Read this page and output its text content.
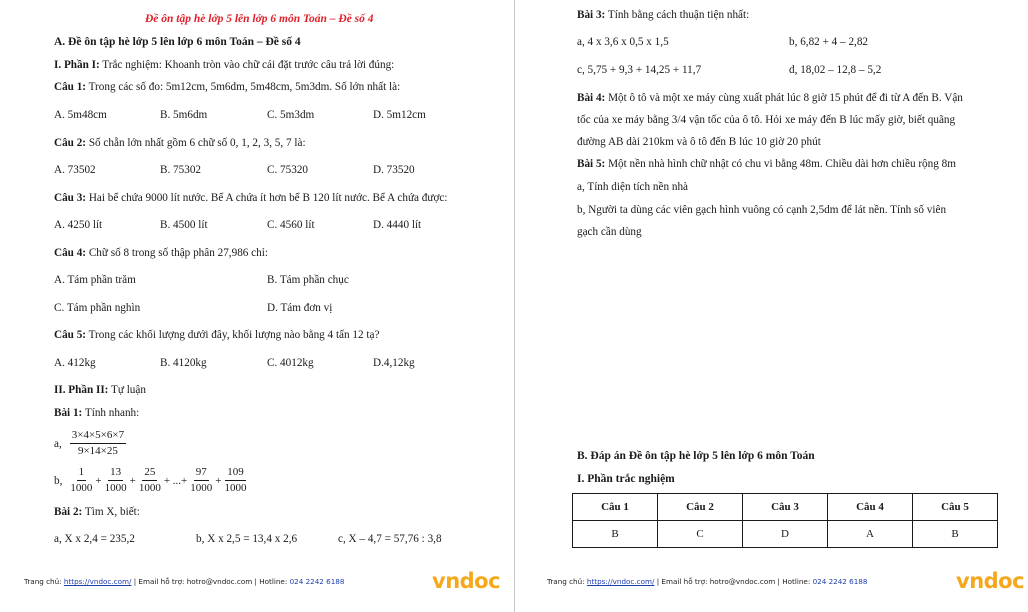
Đề ôn tập hè lớp 5 lên lớp 6 môn Toán – Đề số 4
A. Đề ôn tập hè lớp 5 lên lớp 6 môn Toán – Đề số 4
I. Phần I: Trắc nghiệm: Khoanh tròn vào chữ cái đặt trước câu trả lời đúng:
Câu 1: Trong các số đo: 5m12cm, 5m6dm, 5m48cm, 5m3dm. Số lớn nhất là:
A. 5m48cm	B. 5m6dm	C. 5m3dm	D. 5m12cm
Câu 2: Số chẵn lớn nhất gồm 6 chữ số 0, 1, 2, 3, 5, 7 là:
A. 73502	B. 75302	C. 75320	D. 73520
Câu 3: Hai bể chứa 9000 lít nước. Bể A chứa ít hơn bể B 120 lít nước. Bể A chứa được:
A. 4250 lít	B. 4500 lít	C. 4560 lít	D. 4440 lít
Câu 4: Chữ số 8 trong số thập phân 27,986 chỉ:
A. Tám phần trăm	B. Tám phần chục
C. Tám phần nghìn	D. Tám đơn vị
Câu 5: Trong các khối lượng dưới đây, khối lượng nào bằng 4 tấn 12 tạ?
A. 412kg	B. 4120kg	C. 4012kg	D.4,12kg
II. Phần II: Tự luận
Bài 1: Tính nhanh:
a, $\frac{3\times 4\times 5\times 6\times 7}{9\times 14\times 25}$
b, $\frac{1}{1000} + \frac{13}{1000} + \frac{25}{1000}$ + ...+ $\frac{97}{1000} + \frac{109}{1000}$
Bài 2: Tìm X, biết:
a, X x 2,4 = 235,2	b, X x 2,5 = 13,4 x 2,6	c, X – 4,7 = 57,76 : 3,8
Trang chủ: https://vndoc.com/ | Email hỗ trợ: hotro@vndoc.com | Hotline: 024 2242 6188	vndoc
Bài 3: Tính bằng cách thuận tiện nhất:
a, 4 x 3,6 x 0,5 x 1,5	b, 6,82 + 4 – 2,82
c, 5,75 + 9,3 + 14,25 + 11,7	d, 18,02 – 12,8 – 5,2
Bài 4: Một ô tô và một xe máy cùng xuất phát lúc 8 giờ 15 phút để đi từ A đến B. Vận
tốc của xe máy bằng 3/4 vận tốc của ô tô. Hỏi xe máy đến B lúc mấy giờ, biết quãng
đường AB dài 210km và ô tô đến B lúc 10 giờ 20 phút
Bài 5: Một nền nhà hình chữ nhật có chu vi bằng 48m. Chiều dài hơn chiều rộng 8m
a, Tính diện tích nền nhà
b, Người ta dùng các viên gạch hình vuông có cạnh 2,5dm để lát nền. Tính số viên
gạch cần dùng
B. Đáp án Đề ôn tập hè lớp 5 lên lớp 6 môn Toán
I. Phần trắc nghiệm
Câu 1	Câu 2	Câu 3	Câu 4	Câu 5
B	C	D	A	B
Trang chủ: https://vndoc.com/ | Email hỗ trợ: hotro@vndoc.com | Hotline: 024 2242 6188	vndoc
